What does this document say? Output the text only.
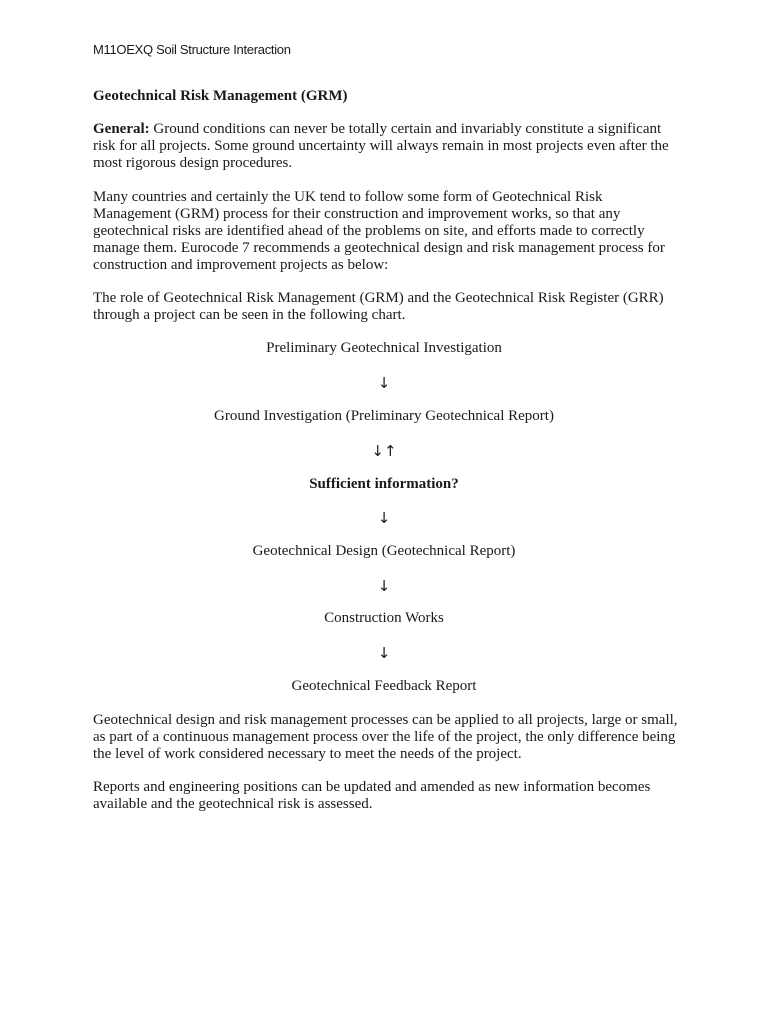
M11OEXQ Soil Structure Interaction
Geotechnical Risk Management (GRM)
General: Ground conditions can never be totally certain and invariably constitute a significant risk for all projects. Some ground uncertainty will always remain in most projects even after the most rigorous design procedures.
Many countries and certainly the UK tend to follow some form of Geotechnical Risk Management (GRM) process for their construction and improvement works, so that any geotechnical risks are identified ahead of the problems on site, and efforts made to correctly manage them. Eurocode 7 recommends a geotechnical design and risk management process for construction and improvement projects as below:
The role of Geotechnical Risk Management (GRM) and the Geotechnical Risk Register (GRR) through a project can be seen in the following chart.
Preliminary Geotechnical Investigation
↓
Ground Investigation (Preliminary Geotechnical Report)
↓↑
Sufficient information?
↓
Geotechnical Design (Geotechnical Report)
↓
Construction Works
↓
Geotechnical Feedback Report
Geotechnical design and risk management processes can be applied to all projects, large or small, as part of a continuous management process over the life of the project, the only difference being the level of work considered necessary to meet the needs of the project.
Reports and engineering positions can be updated and amended as new information becomes available and the geotechnical risk is assessed.
